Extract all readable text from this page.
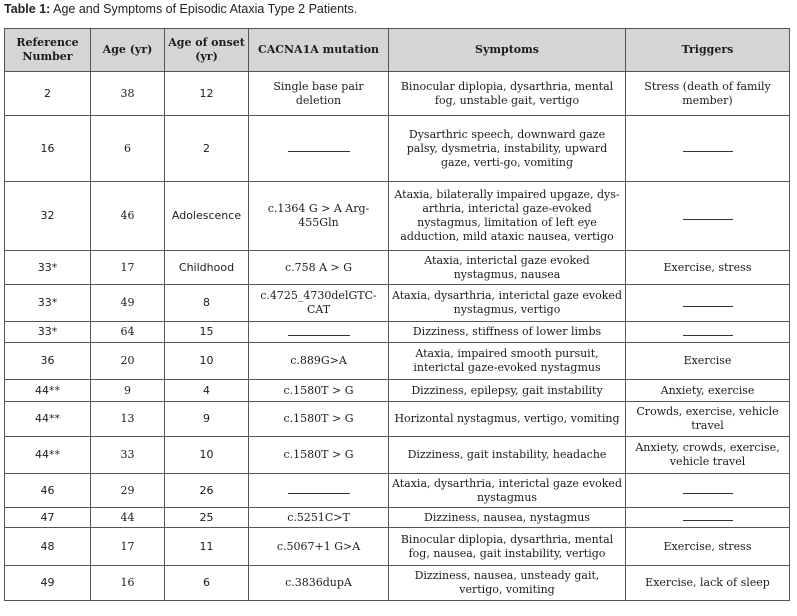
Table 1: Age and Symptoms of Episodic Ataxia Type 2 Patients.
Reference Number	Age (yr)	Age of onset (yr)	CACNA1A mutation	Symptoms	Triggers
2	38	12	Single base pair deletion	Binocular diplopia, dysarthria, mental fog, unstable gait, vertigo	Stress (death of family member)
16	6	2		Dysarthric speech, downward gaze palsy, dysmetria, instability, upward gaze, verti-go, vomiting	
32	46	Adolescence	c.1364 G > A Arg-455Gln	Ataxia, bilaterally impaired upgaze, dys-arthria, interictal gaze-evoked nystagmus, limitation of left eye adduction, mild ataxic nausea, vertigo	
33*	17	Childhood	c.758 A > G	Ataxia, interictal gaze evoked nystagmus, nausea	Exercise, stress
33*	49	8	c.4725_4730delGTC-CAT	Ataxia, dysarthria, interictal gaze evoked nystagmus, vertigo	
33*	64	15		Dizziness, stiffness of lower limbs	
36	20	10	c.889G>A	Ataxia, impaired smooth pursuit, interictal gaze-evoked nystagmus	Exercise
44**	9	4	c.1580T > G	Dizziness, epilepsy, gait instability	Anxiety, exercise
44**	13	9	c.1580T > G	Horizontal nystagmus, vertigo, vomiting	Crowds, exercise, vehicle travel
44**	33	10	c.1580T > G	Dizziness, gait instability, headache	Anxiety, crowds, exercise, vehicle travel
46	29	26		Ataxia, dysarthria, interictal gaze evoked nystagmus	
47	44	25	c.5251C>T	Dizziness, nausea, nystagmus	
48	17	11	c.5067+1 G>A	Binocular diplopia, dysarthria, mental fog, nausea, gait instability, vertigo	Exercise, stress
49	16	6	c.3836dupA	Dizziness, nausea, unsteady gait, vertigo, vomiting	Exercise, lack of sleep
